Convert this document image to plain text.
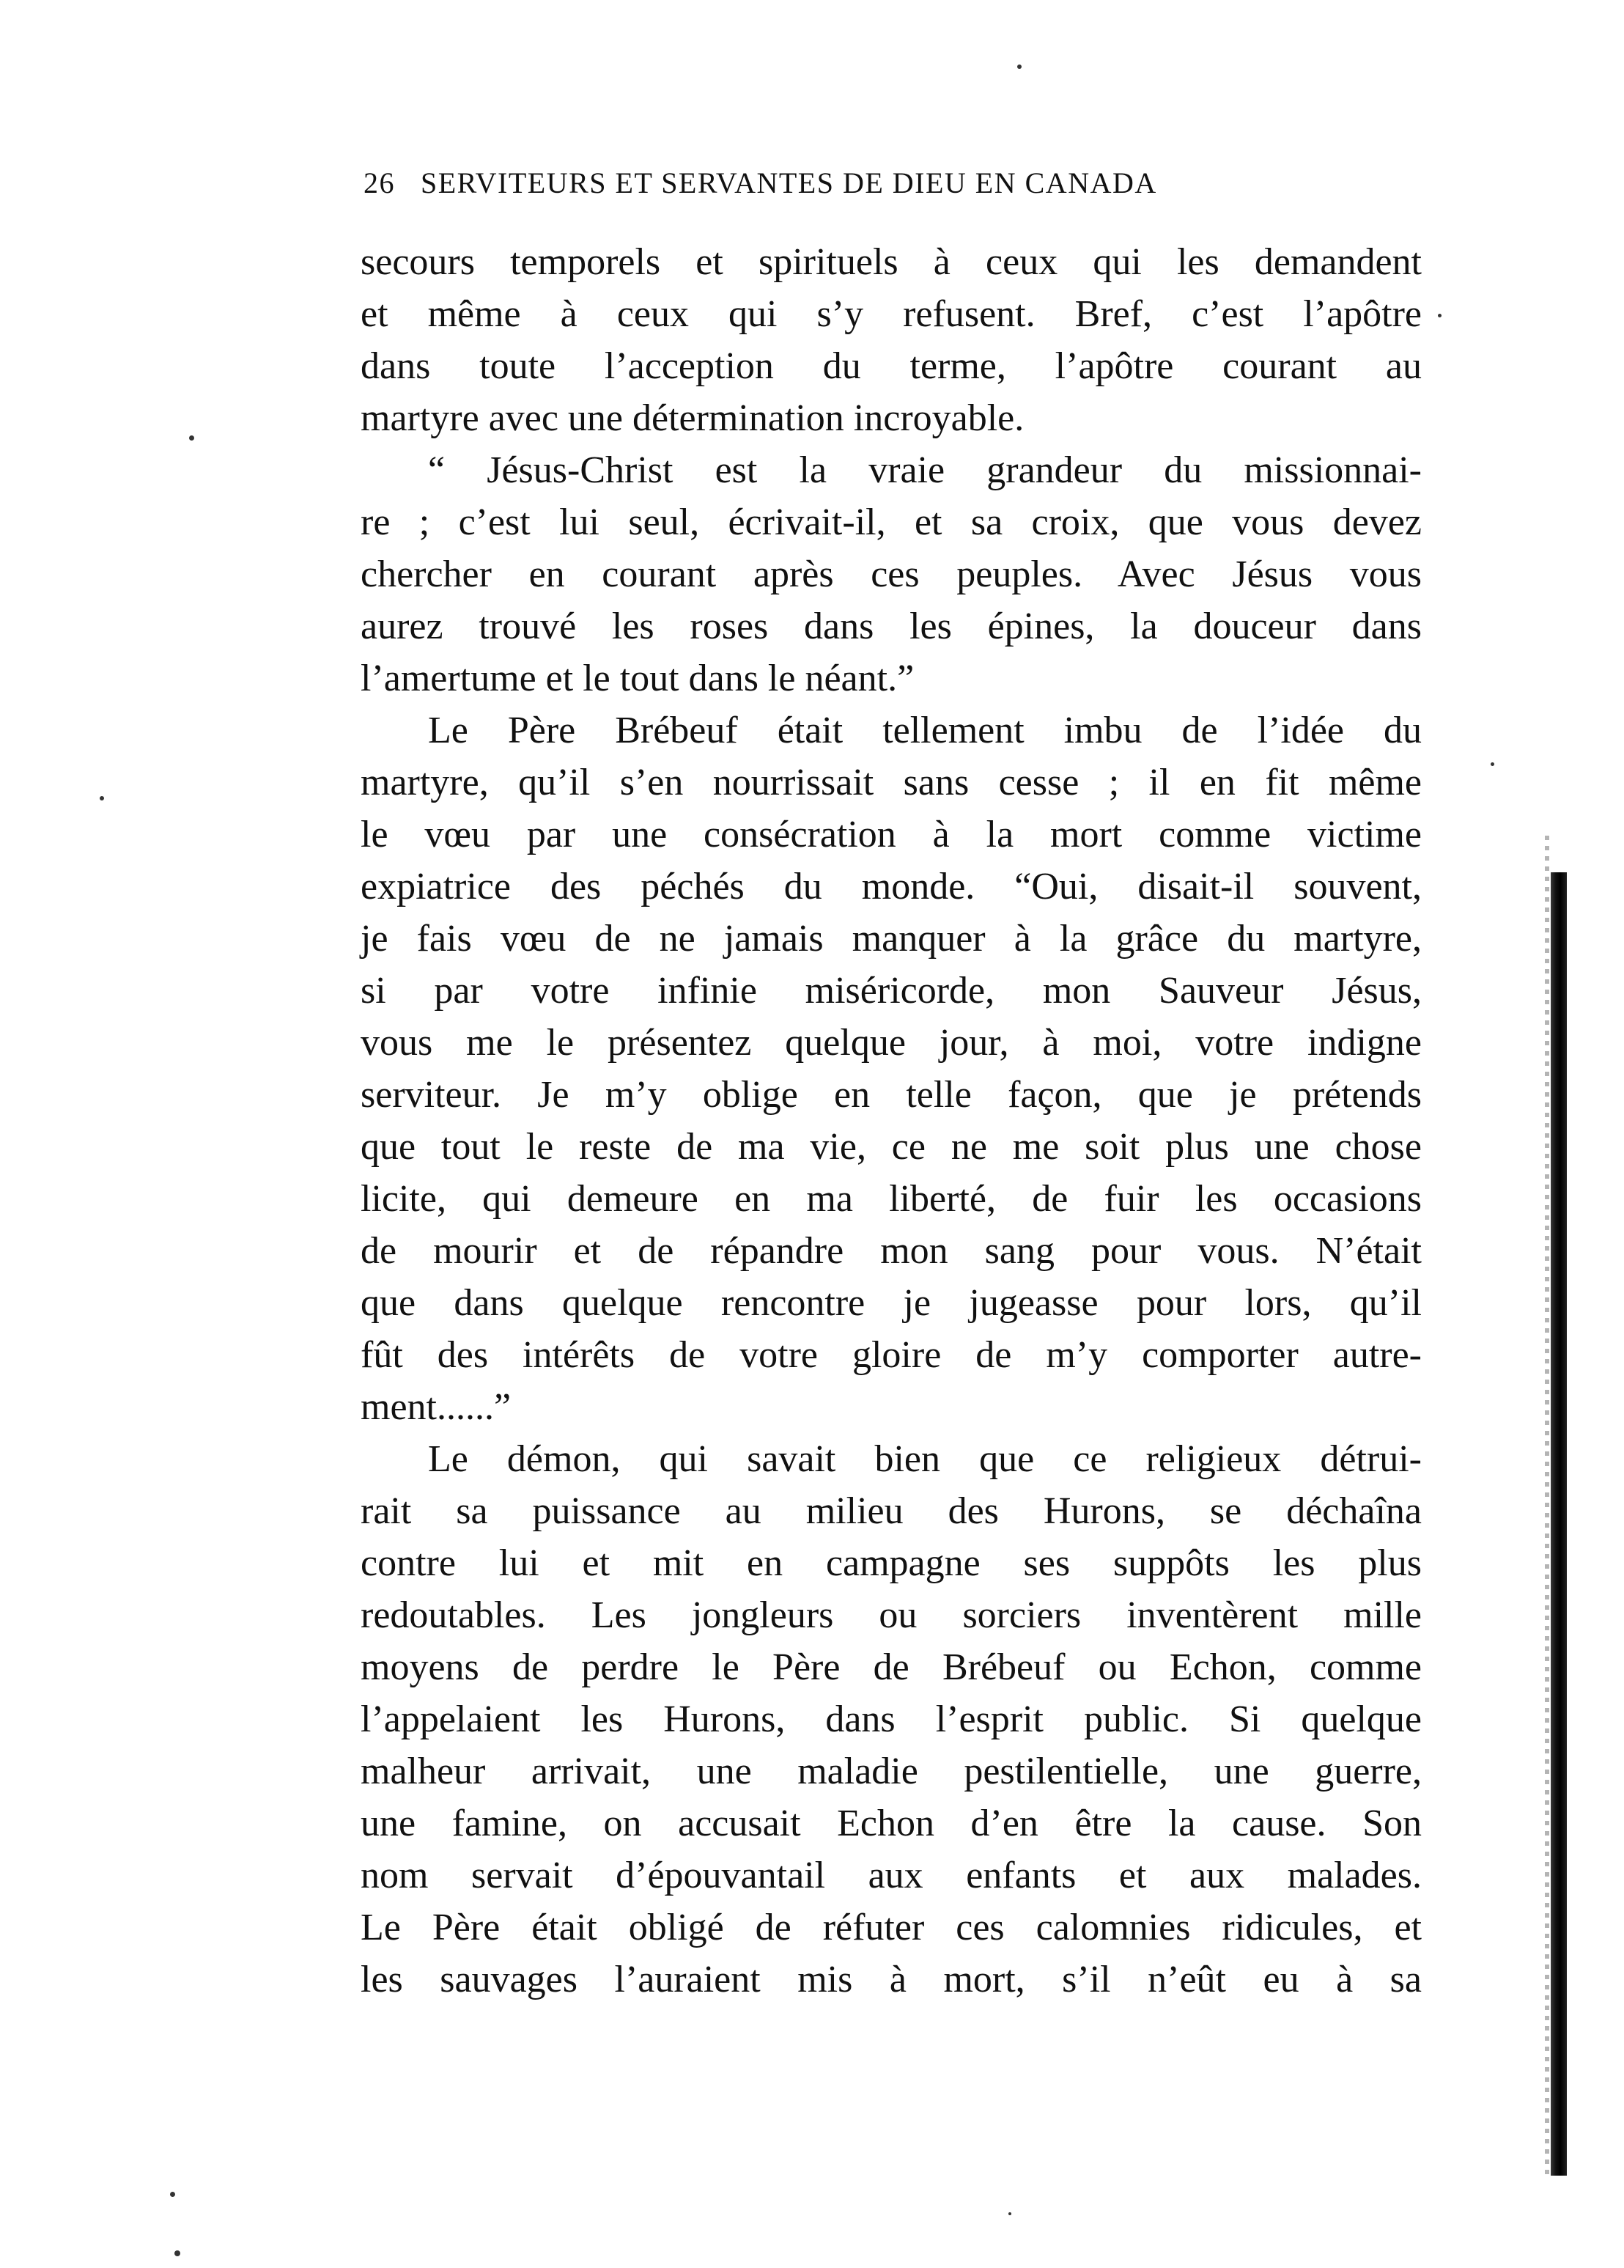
26 SERVITEURS ET SERVANTES DE DIEU EN CANADA
secours temporels et spirituels à ceux qui les demandent
et même à ceux qui s’y refusent. Bref, c’est l’apôtre
dans toute l’acception du terme, l’apôtre courant au
martyre avec une détermination incroyable.
“ Jésus-Christ est la vraie grandeur du missionnai-
re ; c’est lui seul, écrivait-il, et sa croix, que vous devez
chercher en courant après ces peuples. Avec Jésus vous
aurez trouvé les roses dans les épines, la douceur dans
l’amertume et le tout dans le néant.”
Le Père Brébeuf était tellement imbu de l’idée du
martyre, qu’il s’en nourrissait sans cesse ; il en fit même
le vœu par une consécration à la mort comme victime
expiatrice des péchés du monde. “Oui, disait-il souvent,
je fais vœu de ne jamais manquer à la grâce du martyre,
si par votre infinie miséricorde, mon Sauveur Jésus,
vous me le présentez quelque jour, à moi, votre indigne
serviteur. Je m’y oblige en telle façon, que je prétends
que tout le reste de ma vie, ce ne me soit plus une chose
licite, qui demeure en ma liberté, de fuir les occasions
de mourir et de répandre mon sang pour vous. N’était
que dans quelque rencontre je jugeasse pour lors, qu’il
fût des intérêts de votre gloire de m’y comporter autre-
ment......”
Le démon, qui savait bien que ce religieux détrui-
rait sa puissance au milieu des Hurons, se déchaîna
contre lui et mit en campagne ses suppôts les plus
redoutables. Les jongleurs ou sorciers inventèrent mille
moyens de perdre le Père de Brébeuf ou Echon, comme
l’appelaient les Hurons, dans l’esprit public. Si quelque
malheur arrivait, une maladie pestilentielle, une guerre,
une famine, on accusait Echon d’en être la cause. Son
nom servait d’épouvantail aux enfants et aux malades.
Le Père était obligé de réfuter ces calomnies ridicules, et
les sauvages l’auraient mis à mort, s’il n’eût eu à sa
